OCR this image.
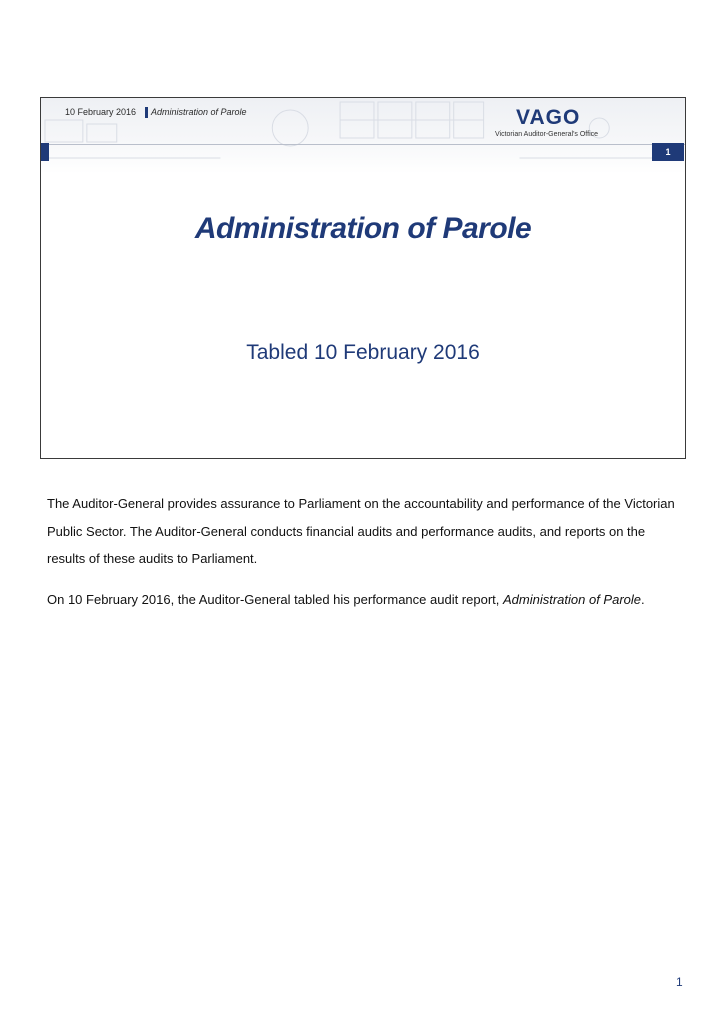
10 February 2016 Administration of Parole	VAGO
Victorian Auditor-General's Office
1
Administration of Parole
Tabled 10 February 2016

The Auditor-General provides assurance to Parliament on the accountability and performance of the Victorian Public Sector. The Auditor-General conducts financial audits and performance audits, and reports on the results of these audits to Parliament.

On 10 February 2016, the Auditor-General tabled his performance audit report, Administration of Parole.

1
